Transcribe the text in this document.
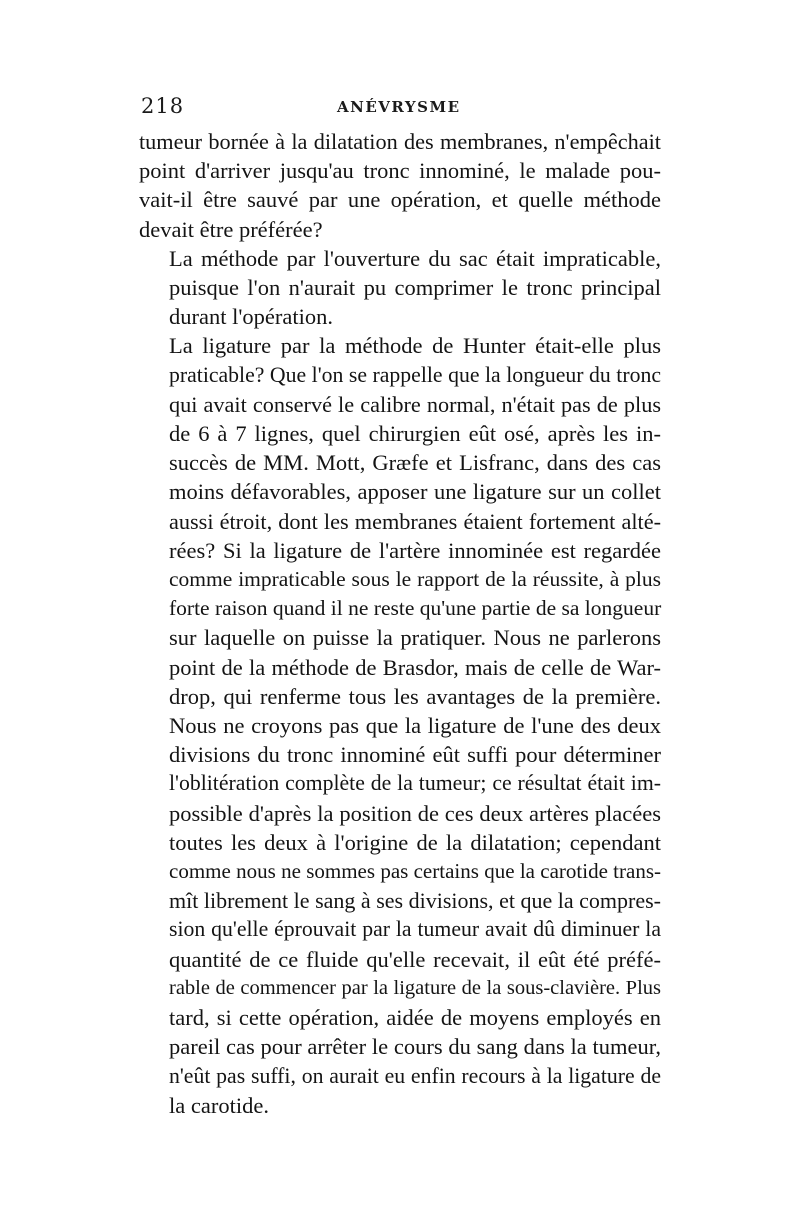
218	ANÉVRYSME

tumeur bornée à la dilatation des membranes, n'empêchait
point d'arriver jusqu'au tronc innominé, le malade pou-
vait-il être sauvé par une opération, et quelle méthode
devait être préférée?

La méthode par l'ouverture du sac était impraticable,
puisque l'on n'aurait pu comprimer le tronc principal
durant l'opération.

La ligature par la méthode de Hunter était-elle plus
praticable? Que l'on se rappelle que la longueur du tronc
qui avait conservé le calibre normal, n'était pas de plus
de 6 à 7 lignes, quel chirurgien eût osé, après les in-
succès de MM. Mott, Græfe et Lisfranc, dans des cas
moins défavorables, apposer une ligature sur un collet
aussi étroit, dont les membranes étaient fortement alté-
rées? Si la ligature de l'artère innominée est regardée
comme impraticable sous le rapport de la réussite, à plus
forte raison quand il ne reste qu'une partie de sa longueur
sur laquelle on puisse la pratiquer. Nous ne parlerons
point de la méthode de Brasdor, mais de celle de War-
drop, qui renferme tous les avantages de la première.
Nous ne croyons pas que la ligature de l'une des deux
divisions du tronc innominé eût suffi pour déterminer
l'oblitération complète de la tumeur; ce résultat était im-
possible d'après la position de ces deux artères placées
toutes les deux à l'origine de la dilatation; cependant
comme nous ne sommes pas certains que la carotide trans-
mît librement le sang à ses divisions, et que la compres-
sion qu'elle éprouvait par la tumeur avait dû diminuer la
quantité de ce fluide qu'elle recevait, il eût été préfé-
rable de commencer par la ligature de la sous-clavière. Plus
tard, si cette opération, aidée de moyens employés en
pareil cas pour arrêter le cours du sang dans la tumeur,
n'eût pas suffi, on aurait eu enfin recours à la ligature de
la carotide.
